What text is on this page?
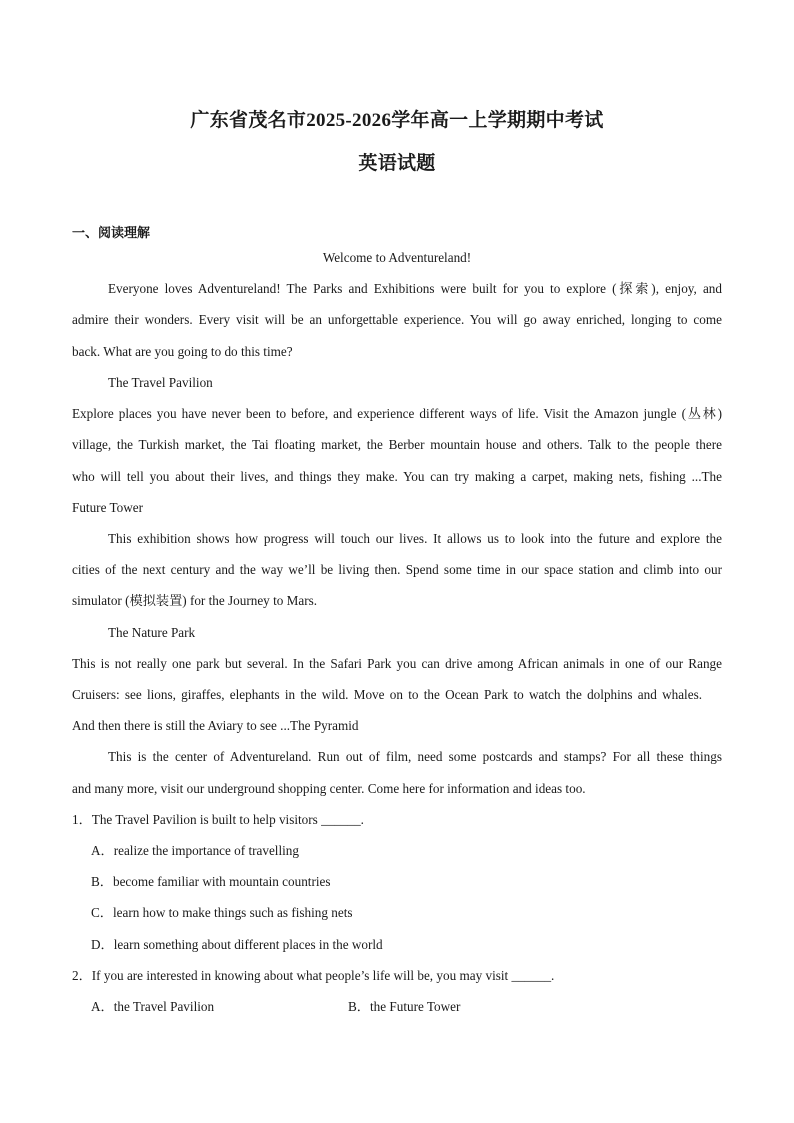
广东省茂名市2025-2026学年高一上学期期中考试
英语试题
一、阅读理解
Welcome to Adventureland!
Everyone loves Adventureland! The Parks and Exhibitions were built for you to explore (探索), enjoy, and
admire their wonders. Every visit will be an unforgettable experience. You will go away enriched, longing to come
back. What are you going to do this time?
The Travel Pavilion
Explore places you have never been to before, and experience different ways of life. Visit the Amazon jungle (丛林)
village, the Turkish market, the Tai floating market, the Berber mountain house and others. Talk to the people there
who will tell you about their lives, and things they make. You can try making a carpet, making nets, fishing ...The
Future Tower
This exhibition shows how progress will touch our lives. It allows us to look into the future and explore the
cities of the next century and the way we’ll be living then. Spend some time in our space station and climb into our
simulator (模拟装置) for the Journey to Mars.
The Nature Park
This is not really one park but several. In the Safari Park you can drive among African animals in one of our Range
Cruisers: see lions, giraffes, elephants in the wild. Move on to the Ocean Park to watch the dolphins and whales.
And then there is still the Aviary to see ...The Pyramid
This is the center of Adventureland. Run out of film, need some postcards and stamps? For all these things
and many more, visit our underground shopping center. Come here for information and ideas too.
1．The Travel Pavilion is built to help visitors ______.
A．realize the importance of travelling
B．become familiar with mountain countries
C．learn how to make things such as fishing nets
D．learn something about different places in the world
2．If you are interested in knowing about what people’s life will be, you may visit ______.
A．the Travel Pavilion	B．the Future Tower
